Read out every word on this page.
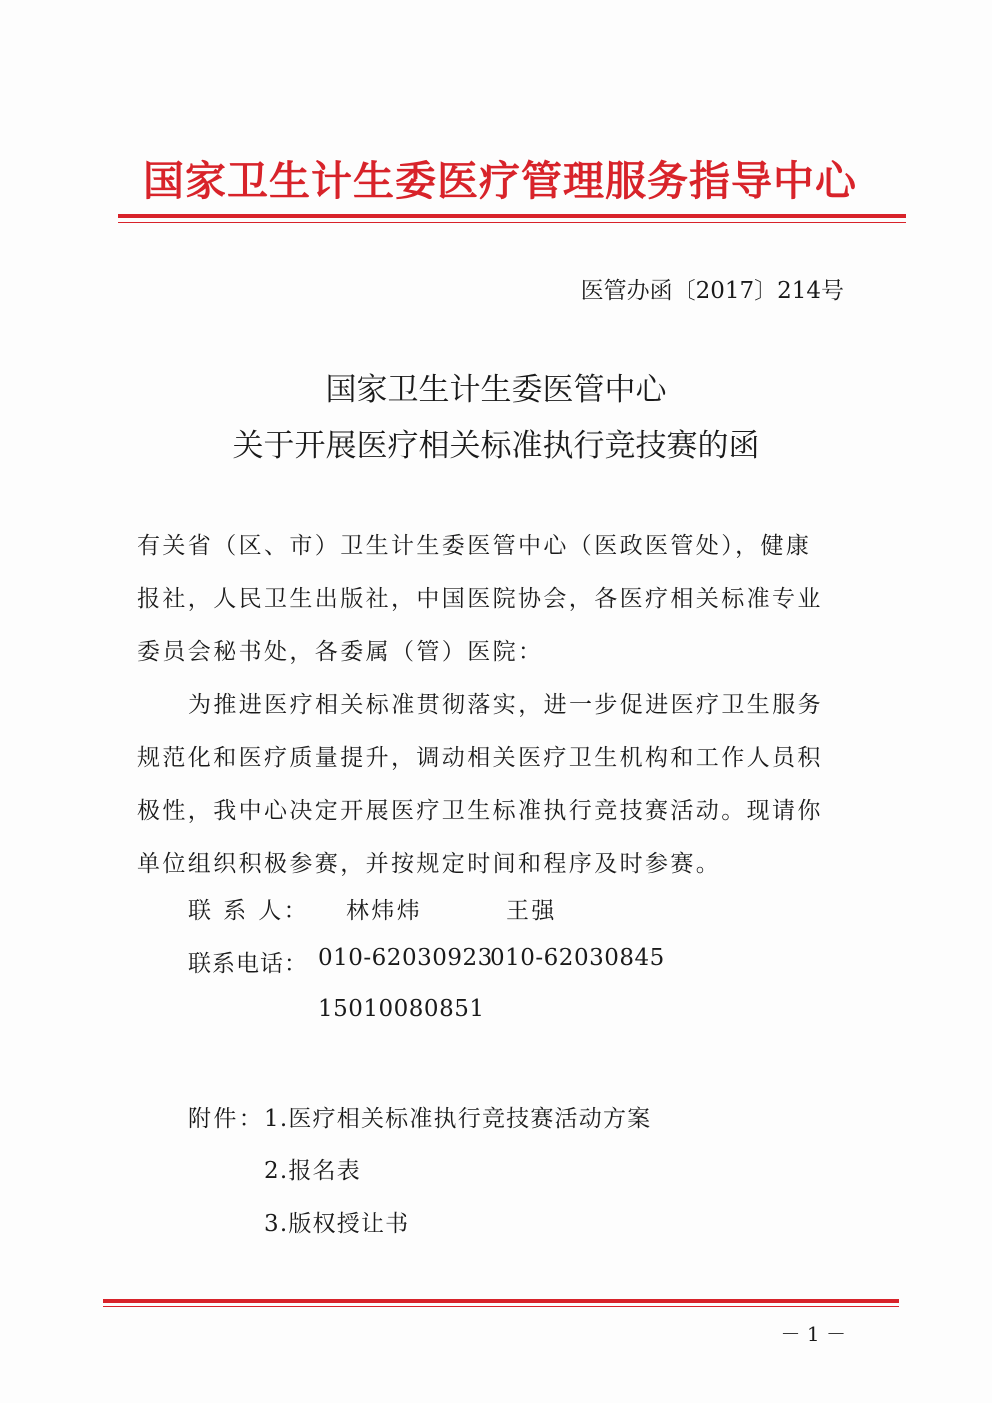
国家卫生计生委医疗管理服务指导中心
医管办函〔2017〕214号
国家卫生计生委医管中心
关于开展医疗相关标准执行竞技赛的函
有关省（区、市）卫生计生委医管中心（医政医管处），健康
报社，人民卫生出版社，中国医院协会，各医疗相关标准专业
委员会秘书处，各委属（管）医院：
为推进医疗相关标准贯彻落实，进一步促进医疗卫生服务
规范化和医疗质量提升，调动相关医疗卫生机构和工作人员积
极性，我中心决定开展医疗卫生标准执行竞技赛活动。现请你
单位组织积极参赛，并按规定时间和程序及时参赛。
联 系 人： 林炜炜	王强
联系电话： 010-62030923
010-62030845
15010080851
附件： 1.医疗相关标准执行竞技赛活动方案
2.报名表
3.版权授让书
－ 1 －
